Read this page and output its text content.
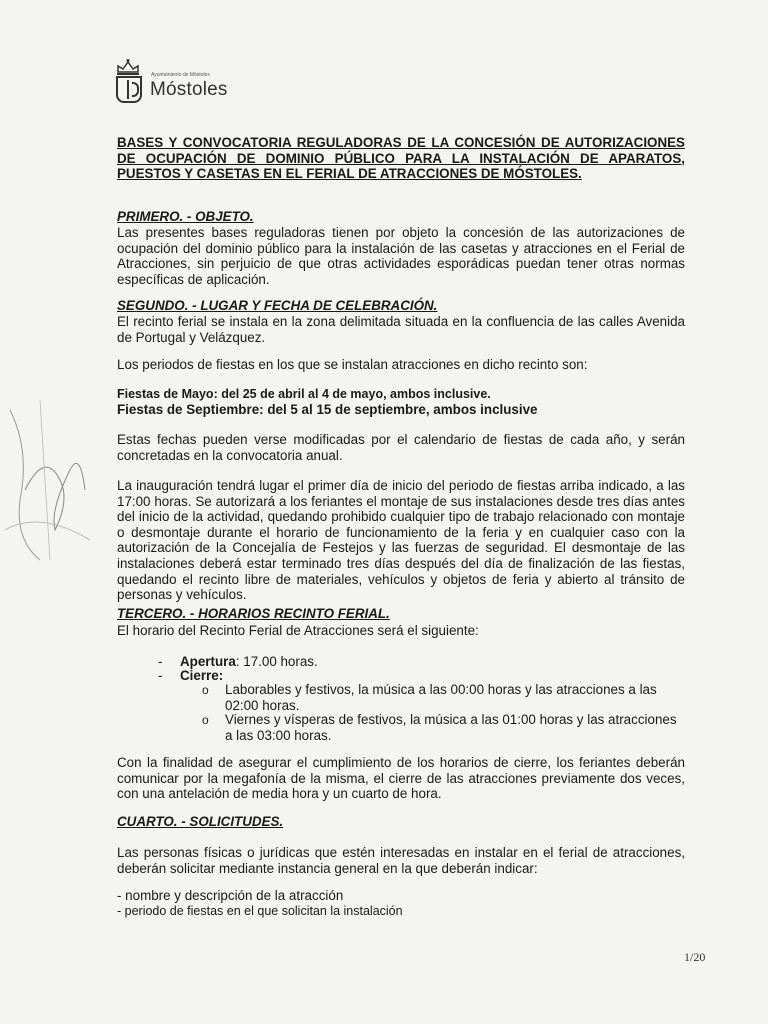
Ayuntamiento de Móstoles
Móstoles
BASES Y CONVOCATORIA REGULADORAS DE LA CONCESIÓN DE AUTORIZACIONES DE OCUPACIÓN DE DOMINIO PÚBLICO PARA LA INSTALACIÓN DE APARATOS, PUESTOS Y CASETAS EN EL FERIAL DE ATRACCIONES DE MÓSTOLES.
PRIMERO. - OBJETO.

Las presentes bases reguladoras tienen por objeto la concesión de las autorizaciones de ocupación del dominio público para la instalación de las casetas y atracciones en el Ferial de Atracciones, sin perjuicio de que otras actividades esporádicas puedan tener otras normas específicas de aplicación.

SEGUNDO. - LUGAR Y FECHA DE CELEBRACIÓN.

El recinto ferial se instala en la zona delimitada situada en la confluencia de las calles Avenida de Portugal y Velázquez.

Los periodos de fiestas en los que se instalan atracciones en dicho recinto son:
Fiestas de Mayo: del 25 de abril al 4 de mayo, ambos inclusive.
Fiestas de Septiembre: del 5 al 15 de septiembre, ambos inclusive

Estas fechas pueden verse modificadas por el calendario de fiestas de cada año, y serán concretadas en la convocatoria anual.

La inauguración tendrá lugar el primer día de inicio del periodo de fiestas arriba indicado, a las 17:00 horas. Se autorizará a los feriantes el montaje de sus instalaciones desde tres días antes del inicio de la actividad, quedando prohibido cualquier tipo de trabajo relacionado con montaje o desmontaje durante el horario de funcionamiento de la feria y en cualquier caso con la autorización de la Concejalía de Festejos y las fuerzas de seguridad. El desmontaje de las instalaciones deberá estar terminado tres días después del día de finalización de las fiestas, quedando el recinto libre de materiales, vehículos y objetos de feria y abierto al tránsito de personas y vehículos.

TERCERO. - HORARIOS RECINTO FERIAL.
El horario del Recinto Ferial de Atracciones será el siguiente:
- Apertura: 17.00 horas.
- Cierre:
o Laborables y festivos, la música a las 00:00 horas y las atracciones a las 02:00 horas.
o Viernes y vísperas de festivos, la música a las 01:00 horas y las atracciones a las 03:00 horas.

Con la finalidad de asegurar el cumplimiento de los horarios de cierre, los feriantes deberán comunicar por la megafonía de la misma, el cierre de las atracciones previamente dos veces, con una antelación de media hora y un cuarto de hora.

CUARTO. - SOLICITUDES.

Las personas físicas o jurídicas que estén interesadas en instalar en el ferial de atracciones, deberán solicitar mediante instancia general en la que deberán indicar:

- nombre y descripción de la atracción
- periodo de fiestas en el que solicitan la instalación
1/20
